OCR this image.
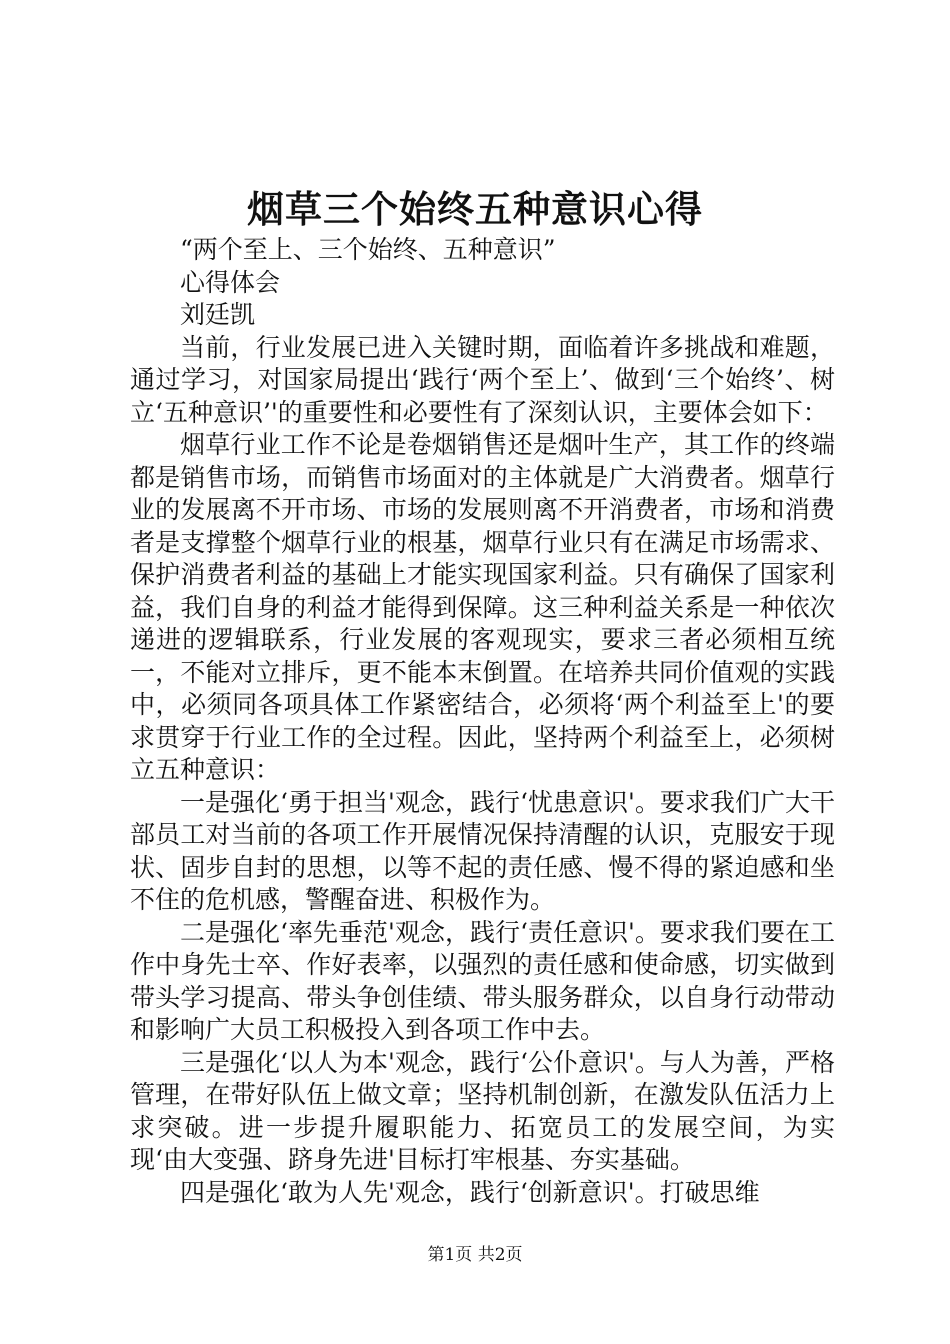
烟草三个始终五种意识心得

“两个至上、三个始终、五种意识”

心得体会

刘廷凯

当前，行业发展已进入关键时期，面临着许多挑战和难题，通过学习，对国家局提出‘践行‘两个至上’、做到‘三个始终’、树立‘五种意识’'的重要性和必要性有了深刻认识，主要体会如下：

烟草行业工作不论是卷烟销售还是烟叶生产，其工作的终端都是销售市场，而销售市场面对的主体就是广大消费者。烟草行业的发展离不开市场、市场的发展则离不开消费者，市场和消费者是支撑整个烟草行业的根基，烟草行业只有在满足市场需求、保护消费者利益的基础上才能实现国家利益。只有确保了国家利益，我们自身的利益才能得到保障。这三种利益关系是一种依次递进的逻辑联系，行业发展的客观现实，要求三者必须相互统一，不能对立排斥，更不能本末倒置。在培养共同价值观的实践中，必须同各项具体工作紧密结合，必须将‘两个利益至上'的要求贯穿于行业工作的全过程。因此，坚持两个利益至上，必须树立五种意识：

一是强化‘勇于担当'观念，践行‘忧患意识'。要求我们广大干部员工对当前的各项工作开展情况保持清醒的认识，克服安于现状、固步自封的思想，以等不起的责任感、慢不得的紧迫感和坐不住的危机感，警醒奋进、积极作为。

二是强化‘率先垂范'观念，践行‘责任意识'。要求我们要在工作中身先士卒、作好表率，以强烈的责任感和使命感，切实做到带头学习提高、带头争创佳绩、带头服务群众，以自身行动带动和影响广大员工积极投入到各项工作中去。

三是强化‘以人为本'观念，践行‘公仆意识'。与人为善，严格管理，在带好队伍上做文章；坚持机制创新，在激发队伍活力上求突破。进一步提升履职能力、拓宽员工的发展空间，为实现‘由大变强、跻身先进'目标打牢根基、夯实基础。

四是强化‘敢为人先'观念，践行‘创新意识'。打破思维

第1页 共2页
